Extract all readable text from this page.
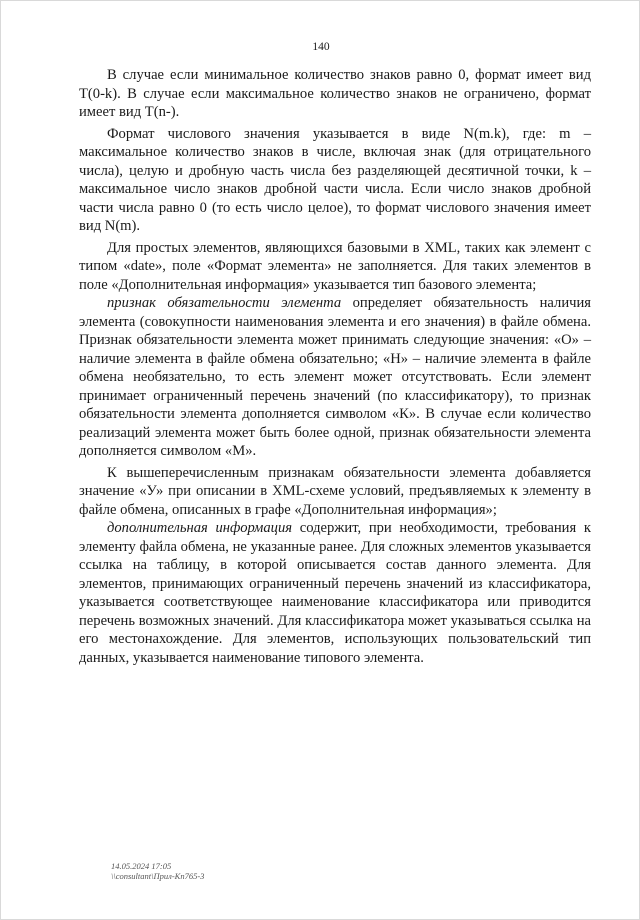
140

В случае если минимальное количество знаков равно 0, формат имеет вид T(0-k). В случае если максимальное количество знаков не ограничено, формат имеет вид T(n-).

Формат числового значения указывается в виде N(m.k), где: m – максимальное количество знаков в числе, включая знак (для отрицательного числа), целую и дробную часть числа без разделяющей десятичной точки, k – максимальное число знаков дробной части числа. Если число знаков дробной части числа равно 0 (то есть число целое), то формат числового значения имеет вид N(m).

Для простых элементов, являющихся базовыми в XML, таких как элемент с типом «date», поле «Формат элемента» не заполняется. Для таких элементов в поле «Дополнительная информация» указывается тип базового элемента;

признак обязательности элемента определяет обязательность наличия элемента (совокупности наименования элемента и его значения) в файле обмена. Признак обязательности элемента может принимать следующие значения: «О» – наличие элемента в файле обмена обязательно; «Н» – наличие элемента в файле обмена необязательно, то есть элемент может отсутствовать. Если элемент принимает ограниченный перечень значений (по классификатору), то признак обязательности элемента дополняется символом «К». В случае если количество реализаций элемента может быть более одной, признак обязательности элемента дополняется символом «М».

К вышеперечисленным признакам обязательности элемента добавляется значение «У» при описании в XML-схеме условий, предъявляемых к элементу в файле обмена, описанных в графе «Дополнительная информация»;

дополнительная информация содержит, при необходимости, требования к элементу файла обмена, не указанные ранее. Для сложных элементов указывается ссылка на таблицу, в которой описывается состав данного элемента. Для элементов, принимающих ограниченный перечень значений из классификатора, указывается соответствующее наименование классификатора или приводится перечень возможных значений. Для классификатора может указываться ссылка на его местонахождение. Для элементов, использующих пользовательский тип данных, указывается наименование типового элемента.

14.05.2024 17:05
\\consultant\Прил-Кп765-3
